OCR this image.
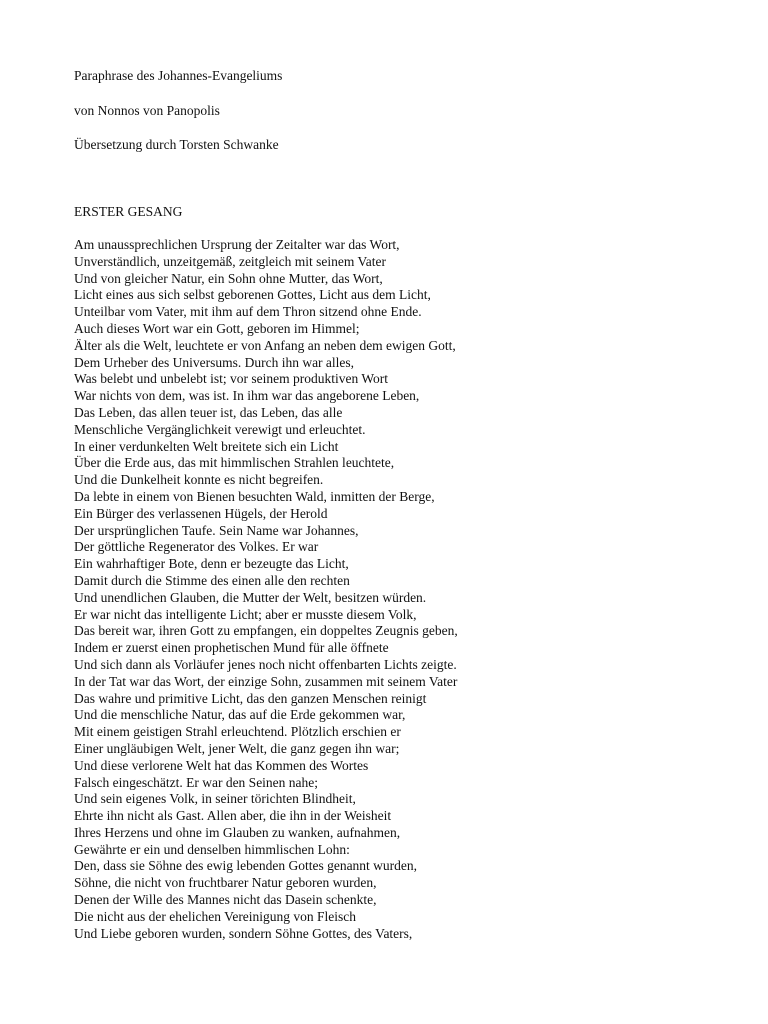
Paraphrase des Johannes-Evangeliums
von Nonnos von Panopolis
Übersetzung durch Torsten Schwanke
ERSTER GESANG
Am unaussprechlichen Ursprung der Zeitalter war das Wort,
Unverständlich, unzeitgemäß, zeitgleich mit seinem Vater
Und von gleicher Natur, ein Sohn ohne Mutter, das Wort,
Licht eines aus sich selbst geborenen Gottes, Licht aus dem Licht,
Unteilbar vom Vater, mit ihm auf dem Thron sitzend ohne Ende.
Auch dieses Wort war ein Gott, geboren im Himmel;
Älter als die Welt, leuchtete er von Anfang an neben dem ewigen Gott,
Dem Urheber des Universums. Durch ihn war alles,
Was belebt und unbelebt ist; vor seinem produktiven Wort
War nichts von dem, was ist. In ihm war das angeborene Leben,
Das Leben, das allen teuer ist, das Leben, das alle
Menschliche Vergänglichkeit verewigt und erleuchtet.
In einer verdunkelten Welt breitete sich ein Licht
Über die Erde aus, das mit himmlischen Strahlen leuchtete,
Und die Dunkelheit konnte es nicht begreifen.
Da lebte in einem von Bienen besuchten Wald, inmitten der Berge,
Ein Bürger des verlassenen Hügels, der Herold
Der ursprünglichen Taufe. Sein Name war Johannes,
Der göttliche Regenerator des Volkes. Er war
Ein wahrhaftiger Bote, denn er bezeugte das Licht,
Damit durch die Stimme des einen alle den rechten
Und unendlichen Glauben, die Mutter der Welt, besitzen würden.
Er war nicht das intelligente Licht; aber er musste diesem Volk,
Das bereit war, ihren Gott zu empfangen, ein doppeltes Zeugnis geben,
Indem er zuerst einen prophetischen Mund für alle öffnete
Und sich dann als Vorläufer jenes noch nicht offenbarten Lichts zeigte.
In der Tat war das Wort, der einzige Sohn, zusammen mit seinem Vater
Das wahre und primitive Licht, das den ganzen Menschen reinigt
Und die menschliche Natur, das auf die Erde gekommen war,
Mit einem geistigen Strahl erleuchtend. Plötzlich erschien er
Einer ungläubigen Welt, jener Welt, die ganz gegen ihn war;
Und diese verlorene Welt hat das Kommen des Wortes
Falsch eingeschätzt. Er war den Seinen nahe;
Und sein eigenes Volk, in seiner törichten Blindheit,
Ehrte ihn nicht als Gast. Allen aber, die ihn in der Weisheit
Ihres Herzens und ohne im Glauben zu wanken, aufnahmen,
Gewährte er ein und denselben himmlischen Lohn:
Den, dass sie Söhne des ewig lebenden Gottes genannt wurden,
Söhne, die nicht von fruchtbarer Natur geboren wurden,
Denen der Wille des Mannes nicht das Dasein schenkte,
Die nicht aus der ehelichen Vereinigung von Fleisch
Und Liebe geboren wurden, sondern Söhne Gottes, des Vaters,
